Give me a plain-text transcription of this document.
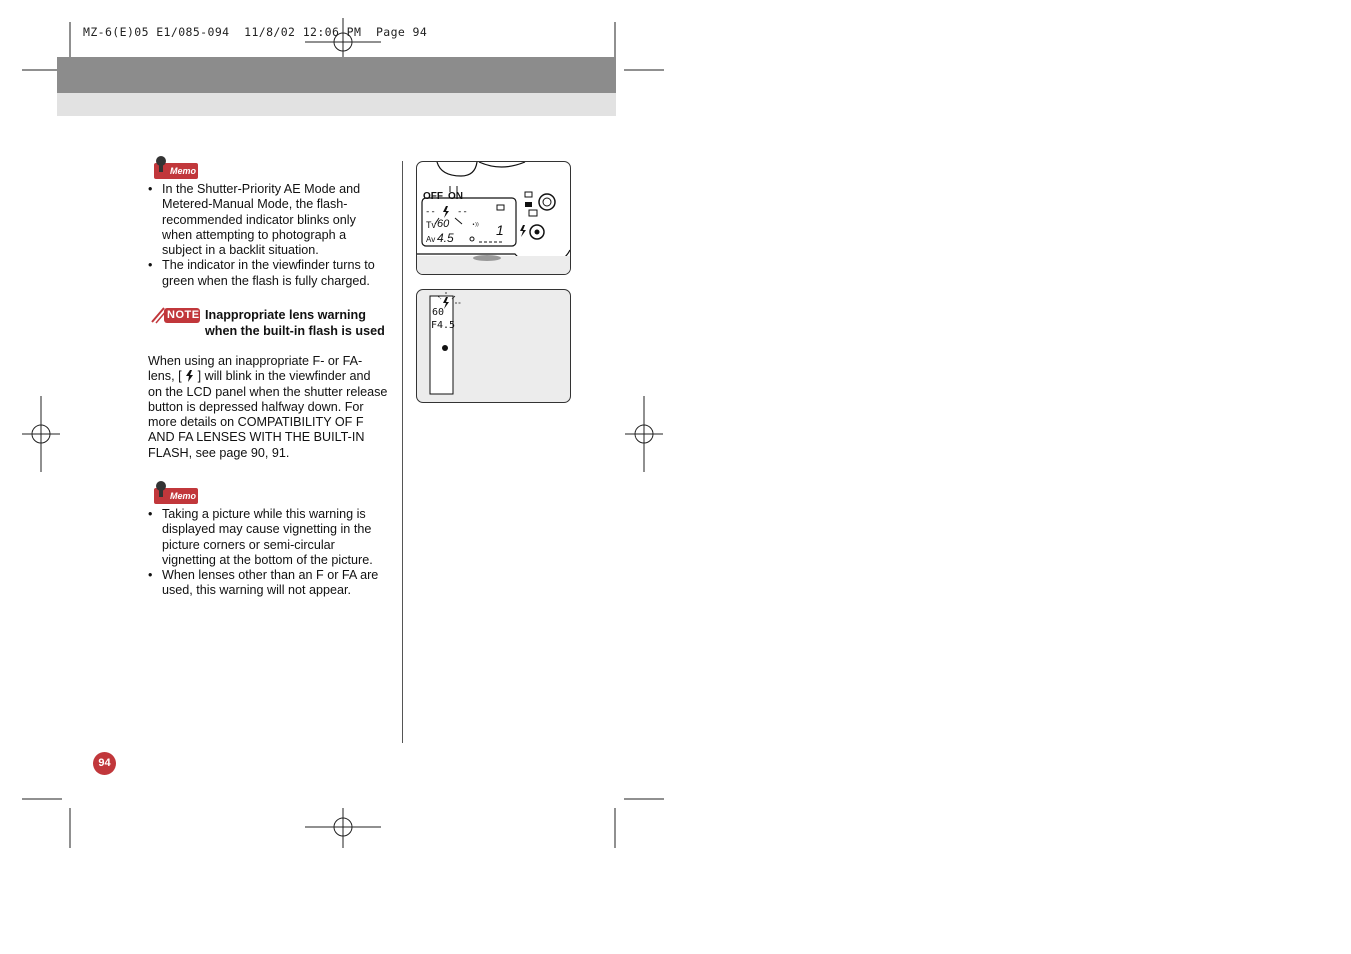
MZ-6(E)05 E1/085-094  11/8/02 12:06 PM  Page 94
Memo
• In the Shutter-Priority AE Mode and Metered-Manual Mode, the flash-recommended indicator blinks only when attempting to photograph a subject in a backlit situation.
• The indicator in the viewfinder turns to green when the flash is fully charged.
NOTE Inappropriate lens warning when the built-in flash is used
When using an inappropriate F- or FA-lens, [ ] will blink in the viewfinder and on the LCD panel when the shutter release button is depressed halfway down. For more details on COMPATIBILITY OF F AND FA LENSES WITH THE BUILT-IN FLASH, see page 90, 91.
Memo
• Taking a picture while this warning is displayed may cause vignetting in the picture corners or semi-circular vignetting at the bottom of the picture.
• When lenses other than an F or FA are used, this warning will not appear.
-- --
•))
OFF ON
Tv 60
Av 4.5	1
60
F4.5
94
